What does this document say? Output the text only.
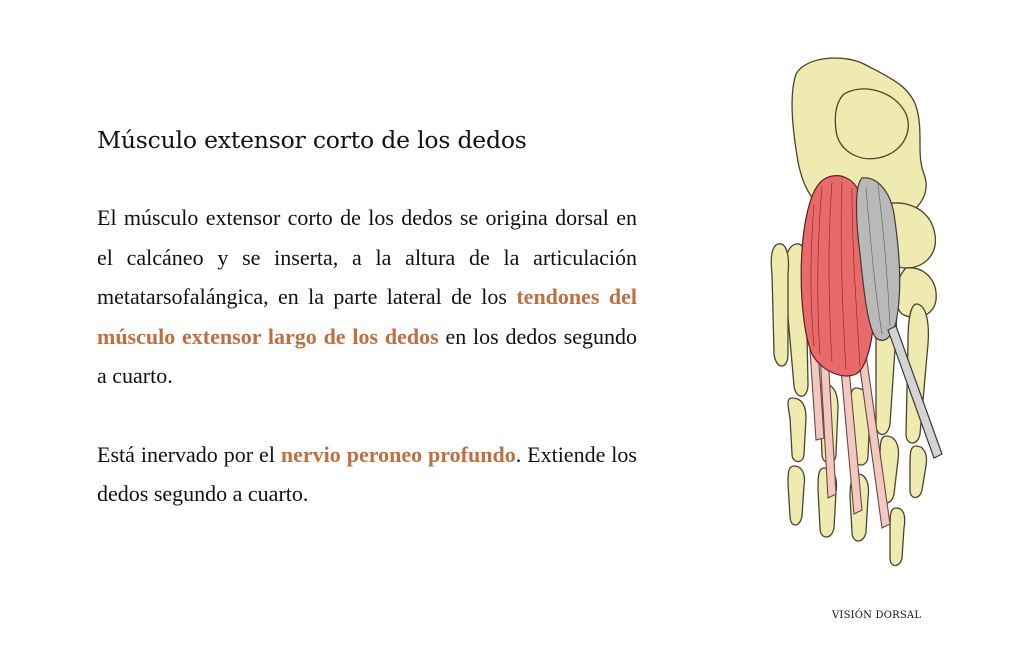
Músculo extensor corto de los dedos

El músculo extensor corto de los dedos se origina dorsal en el calcáneo y se inserta, a la altura de la articulación metatarsofalángica, en la parte lateral de los tendones del músculo extensor largo de los dedos en los dedos segundo a cuarto.

Está inervado por el nervio peroneo profundo. Extiende los dedos segundo a cuarto.

VISIÓN DORSAL
